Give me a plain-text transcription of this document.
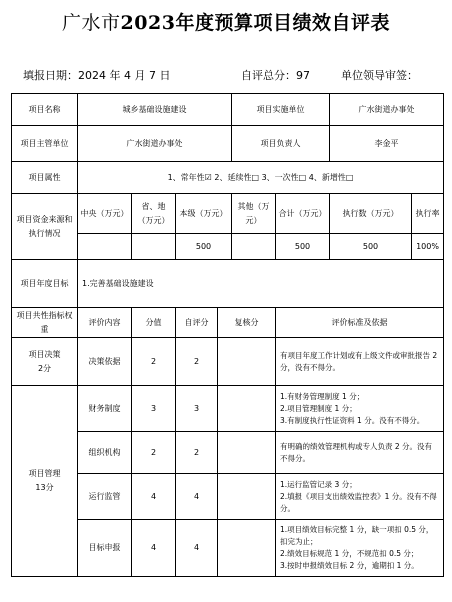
广水市2023年度预算项目绩效自评表
填报日期：2024 年 4 月 7 日	自评总分：97	单位领导审签：
项目名称	城乡基础设施建设				项目实施单位		广水街道办事处	
项目主管单位	广水街道办事处				项目负责人		李金平	
项目属性	1、常年性☑ 2、延续性□ 3、一次性□ 4、新增性□							
项目资金来源和执行情况	中央（万元）	省、地（万元）	本级（万元）		其他（万元）	合计（万元）	执行数（万元）	执行率
			500			500	500	100%
项目年度目标	1.完善基础设施建设							
项目共性指标权重	评价内容	分值	自评分	复核分		评价标准及依据		

项目决策
2分	决策依据	2	2			有项目年度工作计划或有上级文件或审批报告 2 分，没有不得分。		

项目管理
13分	财务制度	3	3			1.有财务管理制度 1 分；
2.项目管理制度 1 分；
3.有制度执行性证资料 1 分。没有不得分。		

	组织机构	2	2			有明确的绩效管理机构或专人负责 2 分。没有不得分。		

	运行监管	4	4			1.运行监管记录 3 分；
2.填报《项目支出绩效监控表》1 分。没有不得分。		

	目标申报	4	4			1.项目绩效目标完整 1 分，缺一项扣 0.5 分，扣完为止；
2.绩效目标规范 1 分，不规范扣 0.5 分；
3.按时申报绩效目标 2 分，逾期扣 1 分。		
